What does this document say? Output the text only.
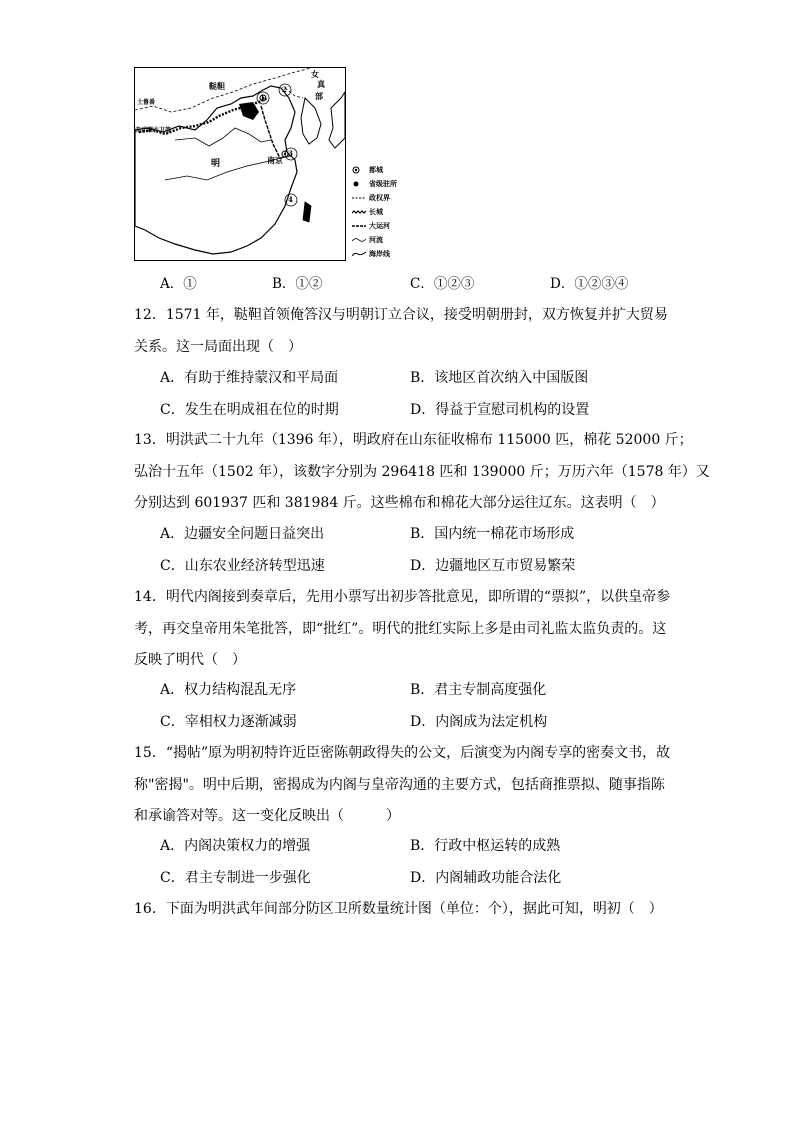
鞑靼
女
真
部
土鲁番
赤斤蒙古卫等
明	南京
1
2
3
4
都城
省级驻所
政权界
长城
大运河
河流
海岸线
A．①	B．①②	C．①②③	D．①②③④
12．1571 年，鞑靼首领俺答汉与明朝订立合议，接受明朝册封，双方恢复并扩大贸易
关系。这一局面出现（　）
A．有助于维持蒙汉和平局面	B．该地区首次纳入中国版图
C．发生在明成祖在位的时期	D．得益于宣慰司机构的设置
13．明洪武二十九年（1396 年），明政府在山东征收棉布 115000 匹，棉花 52000 斤；
弘治十五年（1502 年），该数字分别为 296418 匹和 139000 斤；万历六年（1578 年）又
分别达到 601937 匹和 381984 斤。这些棉布和棉花大部分运往辽东。这表明（　）
A．边疆安全问题日益突出	B．国内统一棉花市场形成
C．山东农业经济转型迅速	D．边疆地区互市贸易繁荣
14．明代内阁接到奏章后，先用小票写出初步答批意见，即所谓的“票拟”，以供皇帝参
考，再交皇帝用朱笔批答，即“批红”。明代的批红实际上多是由司礼监太监负责的。这
反映了明代（　）
A．权力结构混乱无序	B．君主专制高度强化
C．宰相权力逐渐减弱	D．内阁成为法定机构
15．“揭帖”原为明初特许近臣密陈朝政得失的公文，后演变为内阁专享的密奏文书，故
称"密揭"。明中后期，密揭成为内阁与皇帝沟通的主要方式，包括商推票拟、随事指陈
和承谕答对等。这一变化反映出（　　　）
A．内阁决策权力的增强	B．行政中枢运转的成熟
C．君主专制进一步强化	D．内阁辅政功能合法化
16．下面为明洪武年间部分防区卫所数量统计图（单位：个），据此可知，明初（　）
